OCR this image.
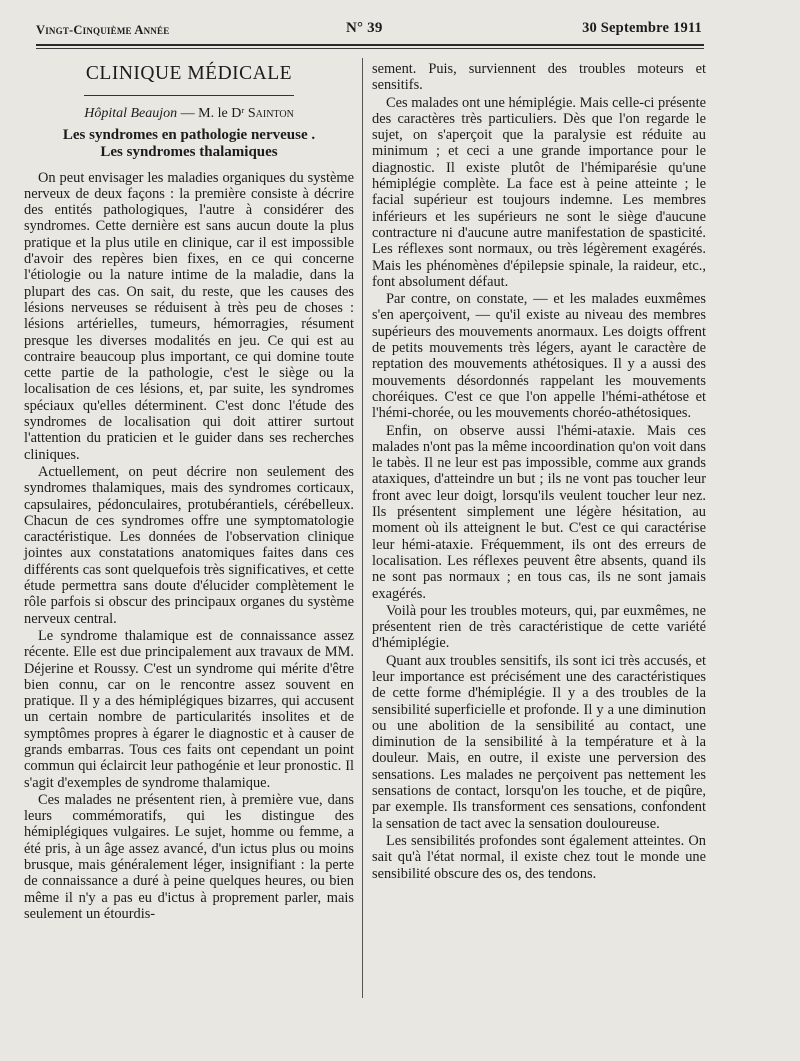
Vingt-Cinquième Année	N° 39	30 Septembre 1911
CLINIQUE MÉDICALE
Hôpital Beaujon — M. le Dʳ Sainton
Les syndromes en pathologie nerveuse .
Les syndromes thalamiques

On peut envisager les maladies organiques du système nerveux de deux façons : la première consiste à décrire des entités pathologiques, l'autre à considérer des syndromes. Cette dernière est sans aucun doute la plus pratique et la plus utile en clinique, car il est impossible d'avoir des repères bien fixes, en ce qui concerne l'étiologie ou la nature intime de la maladie, dans la plupart des cas. On sait, du reste, que les causes des lésions nerveuses se réduisent à très peu de choses : lésions artérielles, tumeurs, hémorragies, résument presque les diverses modalités en jeu. Ce qui est au contraire beaucoup plus important, ce qui domine toute cette partie de la pathologie, c'est le siège ou la localisation de ces lésions, et, par suite, les syndromes spéciaux qu'elles déterminent. C'est donc l'étude des syndromes de localisation qui doit attirer surtout l'attention du praticien et le guider dans ses recherches cliniques.

Actuellement, on peut décrire non seulement des syndromes thalamiques, mais des syndromes corticaux, capsulaires, pédonculaires, protubérantiels, cérébelleux. Chacun de ces syndromes offre une symptomatologie caractéristique. Les données de l'observation clinique jointes aux constatations anatomiques faites dans ces différents cas sont quelquefois très significatives, et cette étude permettra sans doute d'élucider complètement le rôle parfois si obscur des principaux organes du système nerveux central.

Le syndrome thalamique est de connaissance assez récente. Elle est due principalement aux travaux de MM. Déjerine et Roussy. C'est un syndrome qui mérite d'être bien connu, car on le rencontre assez souvent en pratique. Il y a des hémiplégiques bizarres, qui accusent un certain nombre de particularités insolites et de symptômes propres à égarer le diagnostic et à causer de grands embarras. Tous ces faits ont cependant un point commun qui éclaircit leur pathogénie et leur pronostic. Il s'agit d'exemples de syndrome thalamique.

Ces malades ne présentent rien, à première vue, dans leurs commémoratifs, qui les distingue des hémiplégiques vulgaires. Le sujet, homme ou femme, a été pris, à un âge assez avancé, d'un ictus plus ou moins brusque, mais généralement léger, insignifiant : la perte de connaissance a duré à peine quelques heures, ou bien même il n'y a pas eu d'ictus à proprement parler, mais seulement un étourdis-

sement. Puis, surviennent des troubles moteurs et sensitifs.

Ces malades ont une hémiplégie. Mais celle-ci présente des caractères très particuliers. Dès que l'on regarde le sujet, on s'aperçoit que la paralysie est réduite au minimum ; et ceci a une grande importance pour le diagnostic. Il existe plutôt de l'hémiparésie qu'une hémiplégie complète. La face est à peine atteinte ; le facial supérieur est toujours indemne. Les membres inférieurs et les supérieurs ne sont le siège d'aucune contracture ni d'aucune autre manifestation de spasticité. Les réflexes sont normaux, ou très légèrement exagérés. Mais les phénomènes d'épilepsie spinale, la raideur, etc., font absolument défaut.

Par contre, on constate, — et les malades euxmêmes s'en aperçoivent, — qu'il existe au niveau des membres supérieurs des mouvements anormaux. Les doigts offrent de petits mouvements très légers, ayant le caractère de reptation des mouvements athétosiques. Il y a aussi des mouvements désordonnés rappelant les mouvements choréiques. C'est ce que l'on appelle l'hémi-athétose et l'hémi-chorée, ou les mouvements choréo-athétosiques.

Enfin, on observe aussi l'hémi-ataxie. Mais ces malades n'ont pas la même incoordination qu'on voit dans le tabès. Il ne leur est pas impossible, comme aux grands ataxiques, d'atteindre un but ; ils ne vont pas toucher leur front avec leur doigt, lorsqu'ils veulent toucher leur nez. Ils présentent simplement une légère hésitation, au moment où ils atteignent le but. C'est ce qui caractérise leur hémi-ataxie. Fréquemment, ils ont des erreurs de localisation. Les réflexes peuvent être absents, quand ils ne sont pas normaux ; en tous cas, ils ne sont jamais exagérés.

Voilà pour les troubles moteurs, qui, par euxmêmes, ne présentent rien de très caractéristique de cette variété d'hémiplégie.

Quant aux troubles sensitifs, ils sont ici très accusés, et leur importance est précisément une des caractéristiques de cette forme d'hémiplégie. Il y a des troubles de la sensibilité superficielle et profonde. Il y a une diminution ou une abolition de la sensibilité au contact, une diminution de la sensibilité à la température et à la douleur. Mais, en outre, il existe une perversion des sensations. Les malades ne perçoivent pas nettement les sensations de contact, lorsqu'on les touche, et de piqûre, par exemple. Ils transforment ces sensations, confondent la sensation de tact avec la sensation douloureuse.

Les sensibilités profondes sont également atteintes. On sait qu'à l'état normal, il existe chez tout le monde une sensibilité obscure des os, des tendons.
